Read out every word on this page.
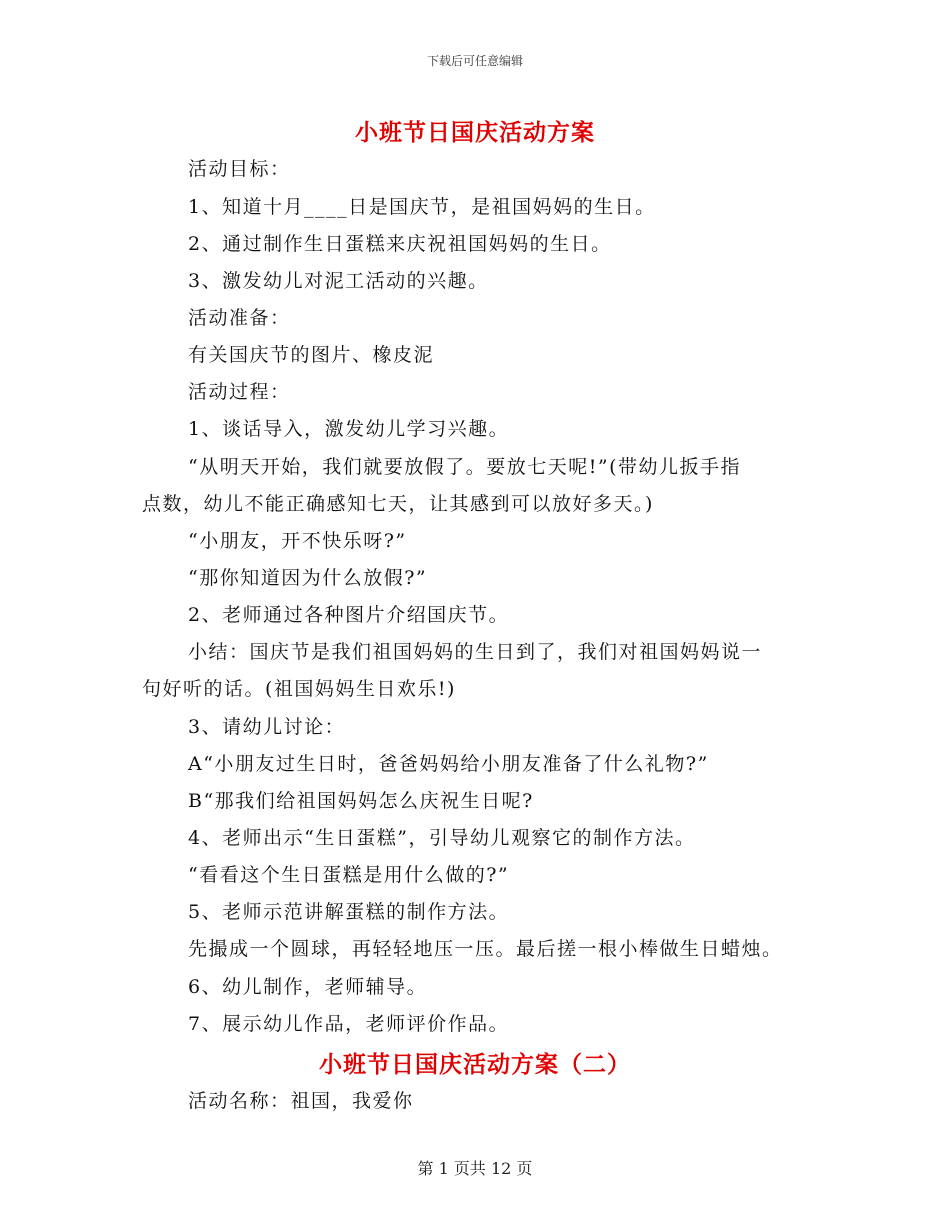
下载后可任意编辑
小班节日国庆活动方案
活动目标：
1、知道十月____日是国庆节，是祖国妈妈的生日。
2、通过制作生日蛋糕来庆祝祖国妈妈的生日。
3、激发幼儿对泥工活动的兴趣。
活动准备：
有关国庆节的图片、橡皮泥
活动过程：
1、谈话导入，激发幼儿学习兴趣。
“从明天开始，我们就要放假了。要放七天呢!”(带幼儿扳手指
点数，幼儿不能正确感知七天，让其感到可以放好多天。)
“小朋友，开不快乐呀?”
“那你知道因为什么放假?”
2、老师通过各种图片介绍国庆节。
小结：国庆节是我们祖国妈妈的生日到了，我们对祖国妈妈说一
句好听的话。(祖国妈妈生日欢乐!)
3、请幼儿讨论：
A“小朋友过生日时，爸爸妈妈给小朋友准备了什么礼物?”
B“那我们给祖国妈妈怎么庆祝生日呢?
4、老师出示“生日蛋糕”，引导幼儿观察它的制作方法。
“看看这个生日蛋糕是用什么做的?”
5、老师示范讲解蛋糕的制作方法。
先撮成一个圆球，再轻轻地压一压。最后搓一根小棒做生日蜡烛。
6、幼儿制作，老师辅导。
7、展示幼儿作品，老师评价作品。
小班节日国庆活动方案（二）
活动名称：祖国，我爱你
第 1 页共 12 页
